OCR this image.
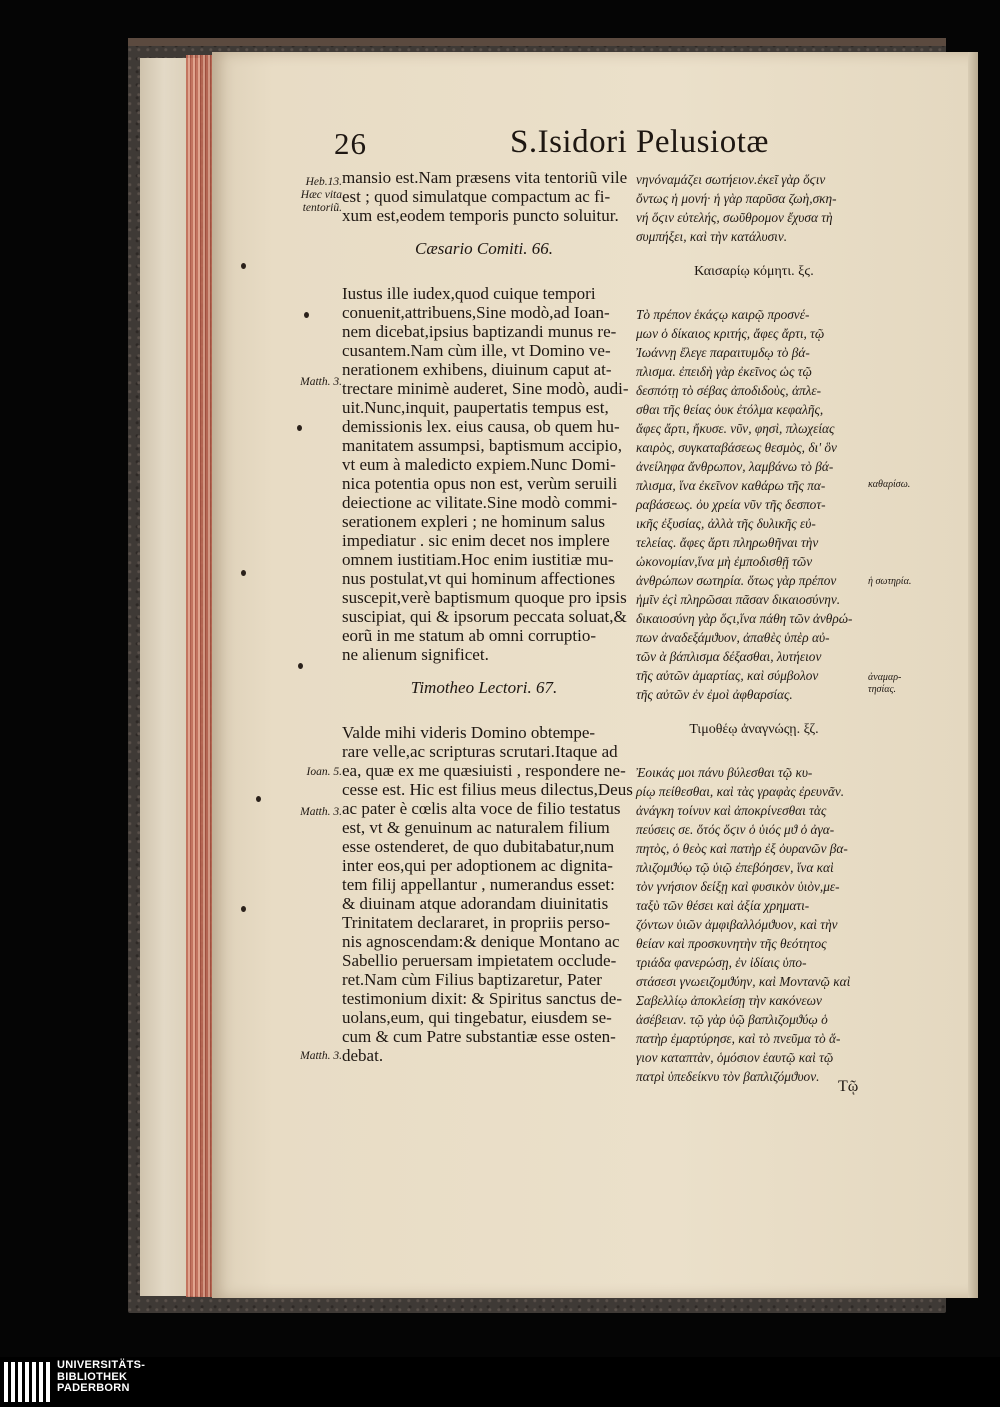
26	S.Isidori Pelusiotæ
mansio est.Nam præsens vita tentoriũ vile
est ; quod simulatque compactum ac fi-
xum est,eodem temporis puncto soluitur.
Cæsario Comiti. 66.
Iustus ille iudex,quod cuique tempori
conuenit,attribuens,Sine modò,ad Ioan-
nem dicebat,ipsius baptizandi munus re-
cusantem.Nam cùm ille, vt Domino ve-
nerationem exhibens, diuinum caput at-
trectare minimè auderet, Sine modò, audi-
uit.Nunc,inquit, paupertatis tempus est,
demissionis lex. eius causa, ob quem hu-
manitatem assumpsi, baptismum accipio,
vt eum à maledicto expiem.Nunc Domi-
nica potentia opus non est, verùm seruili
deiectione ac vilitate.Sine modò commi-
serationem expleri ; ne hominum salus
impediatur . sic enim decet nos implere
omnem iustitiam.Hoc enim iustitiæ mu-
nus postulat,vt qui hominum affectiones
suscepit,verè baptismum quoque pro ipsis
suscipiat, qui & ipsorum peccata soluat,&
eorũ in me statum ab omni corruptio-
ne alienum significet.
Timotheo Lectori. 67.
Valde mihi videris Domino obtempe-
rare velle,ac scripturas scrutari.Itaque ad
ea, quæ ex me quæsiuisti , respondere ne-
cesse est. Hic est filius meus dilectus,Deus
ac pater è cœlis alta voce de filio testatus
est, vt & genuinum ac naturalem filium
esse ostenderet, de quo dubitabatur,num
inter eos,qui per adoptionem ac dignita-
tem filij appellantur , numerandus esset:
& diuinam atque adorandam diuinitatis
Trinitatem declararet, in propriis perso-
nis agnoscendam:& denique Montano ac
Sabellio peruersam impietatem occlude-
ret.Nam cùm Filius baptizaretur, Pater
testimonium dixit: & Spiritus sanctus de-
uolans,eum, qui tingebatur, eiusdem se-
cum & cum Patre substantiæ esse osten-
debat.
νηνόναμάζει σωτήειον.ἐκεῖ γὰρ ὅϛιν
ὄντως ἡ μονή· ἡ γὰρ παρῦσα ζωὴ,σκη-
νή ὅϛιν εὐτελής, σωῦθρομον ἔχυσα τὴ
συμπήξει, καὶ τὴν κατάλυσιν.
Καισαρίῳ κόμητι. ξϛ.
Τὸ πρέπον ἑκάϛῳ καιρῷ προσνέ-
μων ὁ δίκαιος κριτής, ἄφες ἄρτι, τῷ
Ἰωάννῃ ἔλεγε παραιτυμδῳ τὸ βά-
πλισμα. ἐπειδὴ γὰρ ἐκεῖνος ὡς τῷ
δεσπότῃ τὸ σέβας ἀποδιδοὺς, ἀπλε-
σθαι τῆς θείας ὀυκ ἐτόλμα κεφαλῆς,
ἄφες ἄρτι, ἤκυσε. νῦν, φησὶ, πλωχείας
καιρὸς, συγκαταβάσεως θεσμὸς, δι' ὃν
ἀνείληφα ἄνθρωπον, λαμβάνω τὸ βά-
πλισμα, ἵνα ἐκεῖνον καθάρω τῆς πα-
ραβάσεως. ὀυ χρεία νῦν τῆς δεσποτ-
ικῆς ἐξυσίας, ἀλλὰ τῆς δυλικῆς εὐ-
τελείας. ἄφες ἄρτι πληρωθῆναι τὴν
ὠκονομίαν,ἵνα μὴ ἐμποδισθῇ τῶν
ἀνθρώπων σωτηρία. ὅτως γὰρ πρέπον
ἡμῖν ἐϛὶ πληρῶσαι πᾶσαν δικαιοσύνην.
δικαιοσύνη γὰρ ὅϛι,ἵνα πάθη τῶν ἀνθρώ-
πων ἀναδεξάμϑυον, ἀπαθὲς ὑπὲρ αὐ-
τῶν ὰ βάπλισμα δέξασθαι, λυτήειον
τῆς αὐτῶν ἁμαρτίας, καὶ σύμβολον
τῆς αὐτῶν ἐν ἐμοὶ ἀφθαρσίας.
Τιμοθέῳ ἀναγνώςῃ. ξζ.
Ἐοικάς μοι πάνυ βύλεσθαι τῷ κυ-
ρίῳ πείθεσθαι, καὶ τὰς γραφὰς ἐρευνᾶν.
ἀνάγκη τοίνυν καὶ ἀποκρίνεσθαι τὰς
πεύσεις σε. ὅτός ὅϛιν ὁ ὑιός μϑ ὁ ἀγα-
πητὸς, ὁ θεὸς καὶ πατὴρ ἐξ ὀυρανῶν βα-
πλιζομϑύῳ τῷ ὑιῷ ἐπεβόησεν, ἵνα καὶ
τὸν γνήσιον δείξῃ καὶ φυσικὸν ὑιὸν,με-
ταξὺ τῶν θέσει καὶ ἀξία χρηματι-
ζόντων ὑιῶν ἀμφιβαλλόμϑυον, καὶ τὴν
θείαν καὶ προσκυνητὴν τῆς θεότητος
τριάδα φανερώσῃ, ἐν ἰδίαις ὑπο-
στάσεσι γνωειζομϑύην, καὶ Μοντανῷ καὶ
Σαβελλίῳ ἀποκλείσῃ τὴν κακόνεων
ἀσέβειαν. τῷ γὰρ ὑῷ βαπλιζομϑύῳ ὁ
πατὴρ ἐμαρτύρησε, καὶ τὸ πνεῦμα τὸ ἅ-
γιον καταπτὰν, ὁμόσιον ἑαυτῷ καὶ τῷ
πατρὶ ὑπεδείκνυ τὸν βαπλιζόμϑυον.
Τῷ
Heb.13.
Hæc vita
tentoriũ.
Matth. 3.
Ioan. 5.
Matth. 3.
Matth. 3.
καθαρίσω.
ἡ σωτηρία.
ἀναμαρ-
τησίας.
UNIVERSITÄTS-
BIBLIOTHEK
PADERBORN
